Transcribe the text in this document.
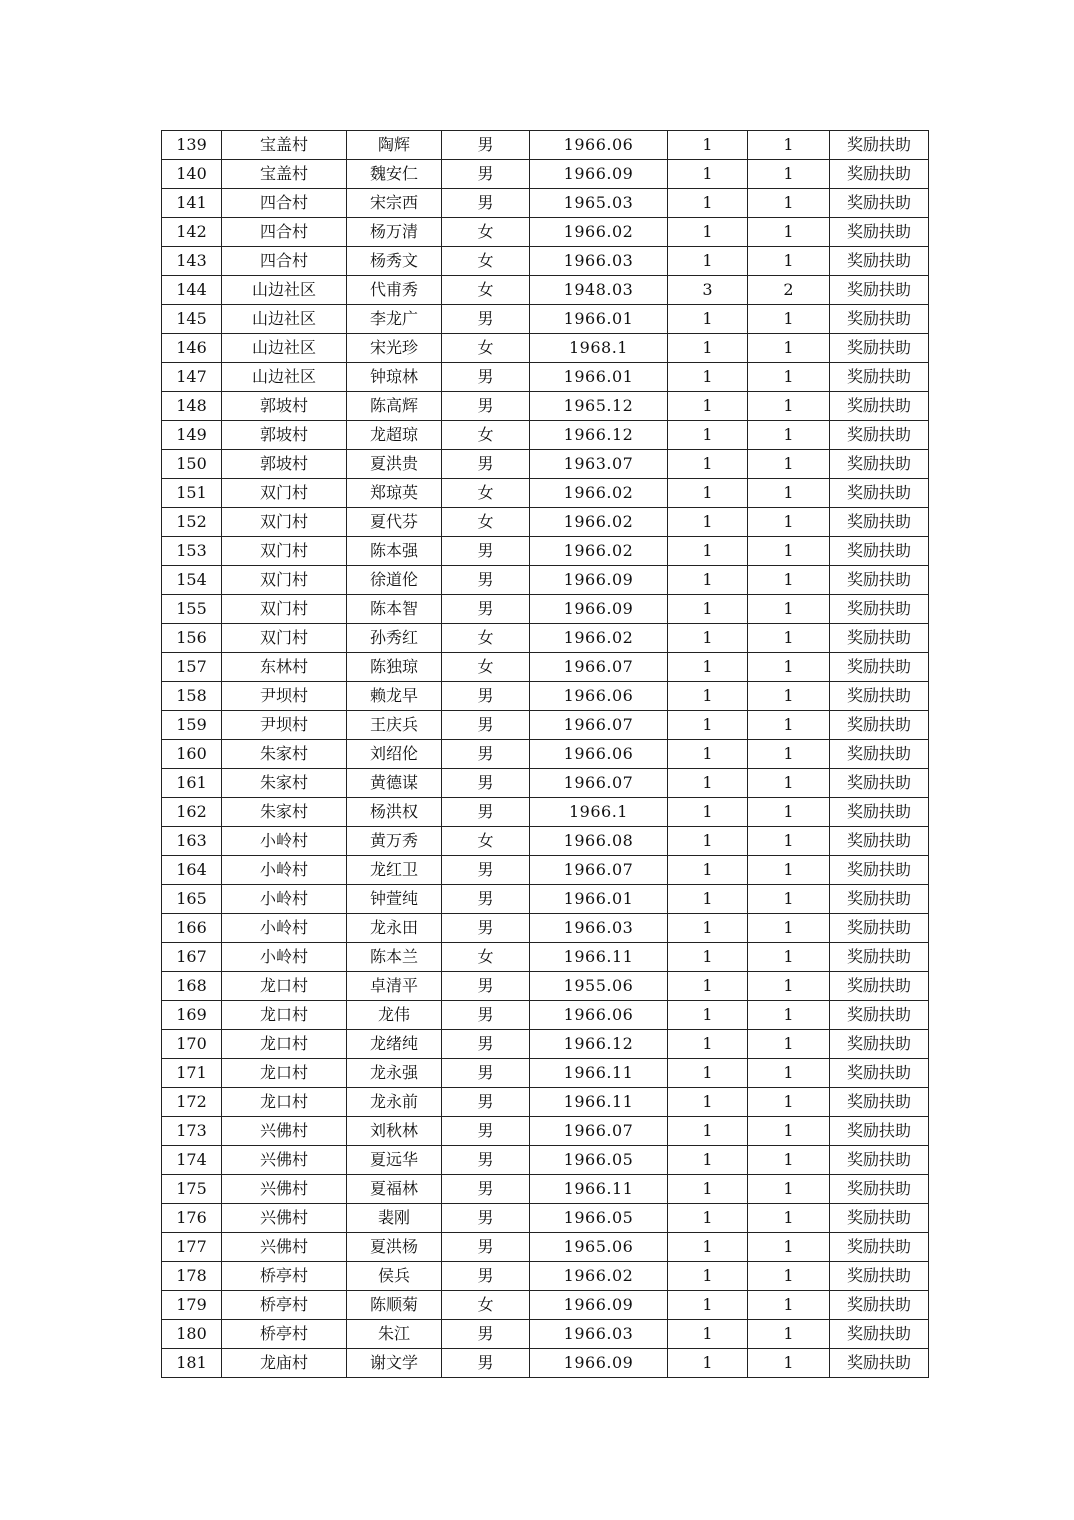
139	宝盖村	陶辉	男	1966.06	1	1	奖励扶助
140	宝盖村	魏安仁	男	1966.09	1	1	奖励扶助
141	四合村	宋宗西	男	1965.03	1	1	奖励扶助
142	四合村	杨万清	女	1966.02	1	1	奖励扶助
143	四合村	杨秀文	女	1966.03	1	1	奖励扶助
144	山边社区	代甫秀	女	1948.03	3	2	奖励扶助
145	山边社区	李龙广	男	1966.01	1	1	奖励扶助
146	山边社区	宋光珍	女	1968.1	1	1	奖励扶助
147	山边社区	钟琼林	男	1966.01	1	1	奖励扶助
148	郭坡村	陈高辉	男	1965.12	1	1	奖励扶助
149	郭坡村	龙超琼	女	1966.12	1	1	奖励扶助
150	郭坡村	夏洪贵	男	1963.07	1	1	奖励扶助
151	双门村	郑琼英	女	1966.02	1	1	奖励扶助
152	双门村	夏代芬	女	1966.02	1	1	奖励扶助
153	双门村	陈本强	男	1966.02	1	1	奖励扶助
154	双门村	徐道伦	男	1966.09	1	1	奖励扶助
155	双门村	陈本智	男	1966.09	1	1	奖励扶助
156	双门村	孙秀红	女	1966.02	1	1	奖励扶助
157	东林村	陈独琼	女	1966.07	1	1	奖励扶助
158	尹坝村	赖龙早	男	1966.06	1	1	奖励扶助
159	尹坝村	王庆兵	男	1966.07	1	1	奖励扶助
160	朱家村	刘绍伦	男	1966.06	1	1	奖励扶助
161	朱家村	黄德谋	男	1966.07	1	1	奖励扶助
162	朱家村	杨洪权	男	1966.1	1	1	奖励扶助
163	小岭村	黄万秀	女	1966.08	1	1	奖励扶助
164	小岭村	龙红卫	男	1966.07	1	1	奖励扶助
165	小岭村	钟萱纯	男	1966.01	1	1	奖励扶助
166	小岭村	龙永田	男	1966.03	1	1	奖励扶助
167	小岭村	陈本兰	女	1966.11	1	1	奖励扶助
168	龙口村	卓清平	男	1955.06	1	1	奖励扶助
169	龙口村	龙伟	男	1966.06	1	1	奖励扶助
170	龙口村	龙绪纯	男	1966.12	1	1	奖励扶助
171	龙口村	龙永强	男	1966.11	1	1	奖励扶助
172	龙口村	龙永前	男	1966.11	1	1	奖励扶助
173	兴佛村	刘秋林	男	1966.07	1	1	奖励扶助
174	兴佛村	夏远华	男	1966.05	1	1	奖励扶助
175	兴佛村	夏福林	男	1966.11	1	1	奖励扶助
176	兴佛村	裴刚	男	1966.05	1	1	奖励扶助
177	兴佛村	夏洪杨	男	1965.06	1	1	奖励扶助
178	桥亭村	侯兵	男	1966.02	1	1	奖励扶助
179	桥亭村	陈顺菊	女	1966.09	1	1	奖励扶助
180	桥亭村	朱江	男	1966.03	1	1	奖励扶助
181	龙庙村	谢文学	男	1966.09	1	1	奖励扶助
